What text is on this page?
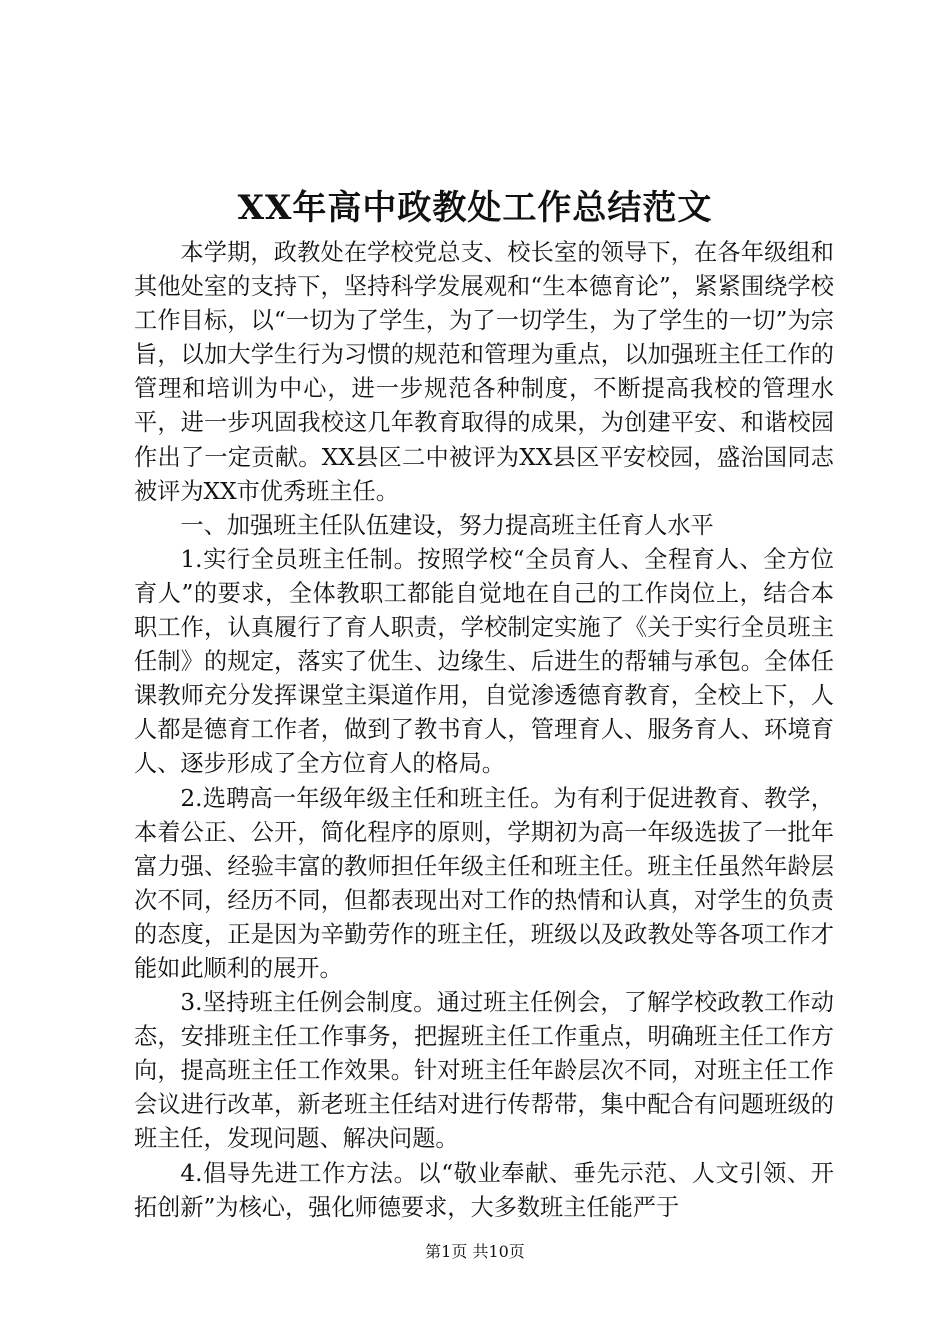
XX年高中政教处工作总结范文

本学期，政教处在学校党总支、校长室的领导下，在各年级组和其他处室的支持下，坚持科学发展观和“生本德育论”，紧紧围绕学校工作目标，以“一切为了学生，为了一切学生，为了学生的一切”为宗旨，以加大学生行为习惯的规范和管理为重点，以加强班主任工作的管理和培训为中心，进一步规范各种制度，不断提高我校的管理水平，进一步巩固我校这几年教育取得的成果，为创建平安、和谐校园作出了一定贡献。XX县区二中被评为XX县区平安校园，盛治国同志被评为XX市优秀班主任。

一、加强班主任队伍建设，努力提高班主任育人水平

1.实行全员班主任制。按照学校“全员育人、全程育人、全方位育人”的要求，全体教职工都能自觉地在自己的工作岗位上，结合本职工作，认真履行了育人职责，学校制定实施了《关于实行全员班主任制》的规定，落实了优生、边缘生、后进生的帮辅与承包。全体任课教师充分发挥课堂主渠道作用，自觉渗透德育教育，全校上下，人人都是德育工作者，做到了教书育人，管理育人、服务育人、环境育人、逐步形成了全方位育人的格局。

2.选聘高一年级年级主任和班主任。为有利于促进教育、教学，本着公正、公开，简化程序的原则，学期初为高一年级选拔了一批年富力强、经验丰富的教师担任年级主任和班主任。班主任虽然年龄层次不同，经历不同，但都表现出对工作的热情和认真，对学生的负责的态度，正是因为辛勤劳作的班主任，班级以及政教处等各项工作才能如此顺利的展开。

3.坚持班主任例会制度。通过班主任例会，了解学校政教工作动态，安排班主任工作事务，把握班主任工作重点，明确班主任工作方向，提高班主任工作效果。针对班主任年龄层次不同，对班主任工作会议进行改革，新老班主任结对进行传帮带，集中配合有问题班级的班主任，发现问题、解决问题。

4.倡导先进工作方法。以“敬业奉献、垂先示范、人文引领、开拓创新”为核心，强化师德要求，大多数班主任能严于

第1页 共10页
